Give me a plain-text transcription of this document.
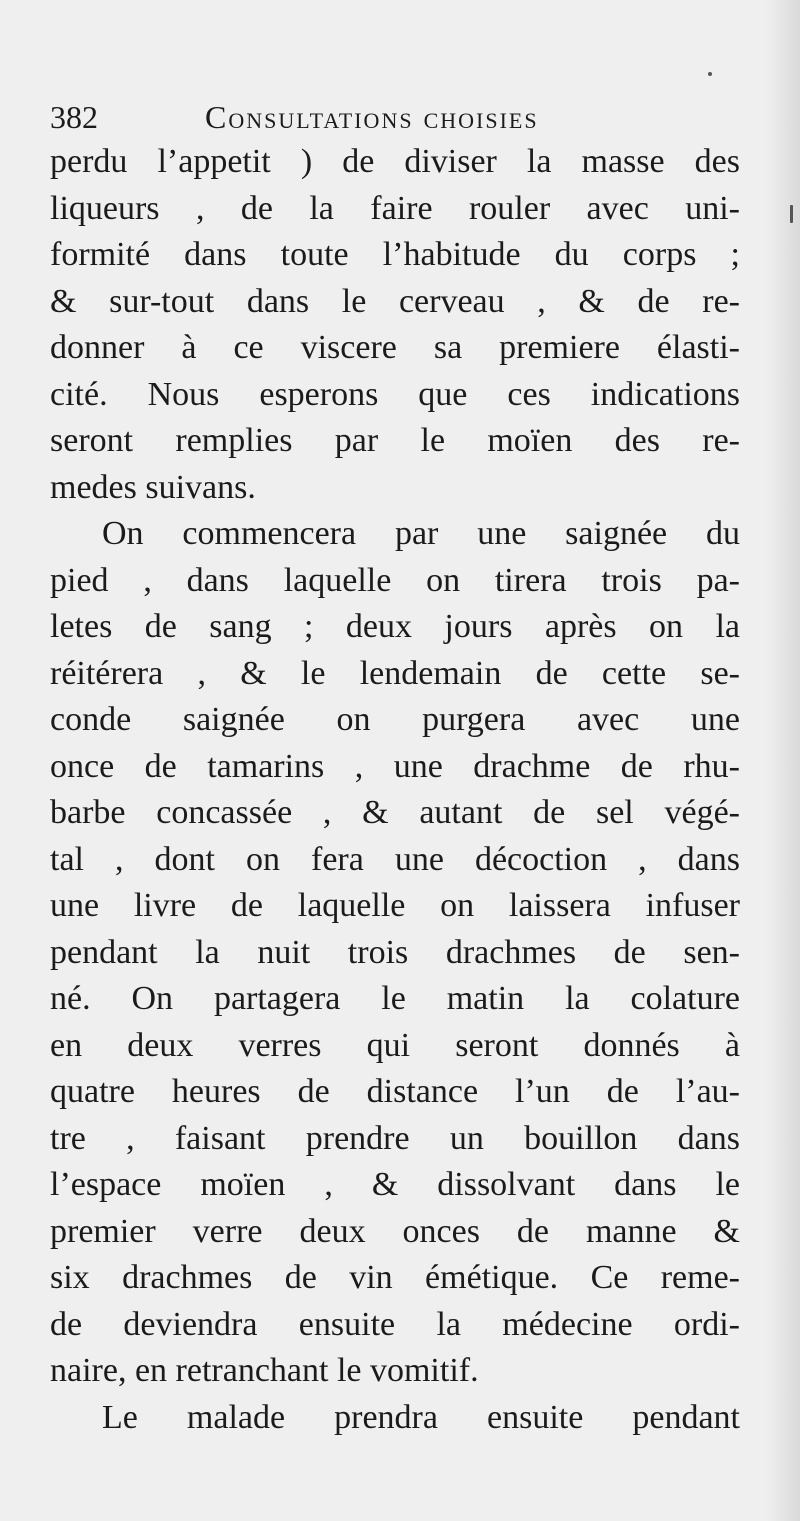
382	Consultations choisies
perdu l’appetit ) de diviser la masse des
liqueurs , de la faire rouler avec uni-
formité dans toute l’habitude du corps ;
& sur-tout dans le cerveau , & de re-
donner à ce viscere sa premiere élasti-
cité. Nous esperons que ces indications
seront remplies par le moïen des re-
medes suivans.
On commencera par une saignée du
pied , dans laquelle on tirera trois pa-
letes de sang ; deux jours après on la
réitérera , & le lendemain de cette se-
conde saignée on purgera avec une
once de tamarins , une drachme de rhu-
barbe concassée , & autant de sel végé-
tal , dont on fera une décoction , dans
une livre de laquelle on laissera infuser
pendant la nuit trois drachmes de sen-
né. On partagera le matin la colature
en deux verres qui seront donnés à
quatre heures de distance l’un de l’au-
tre , faisant prendre un bouillon dans
l’espace moïen , & dissolvant dans le
premier verre deux onces de manne &
six drachmes de vin émétique. Ce reme-
de deviendra ensuite la médecine ordi-
naire, en retranchant le vomitif.
Le malade prendra ensuite pendant
